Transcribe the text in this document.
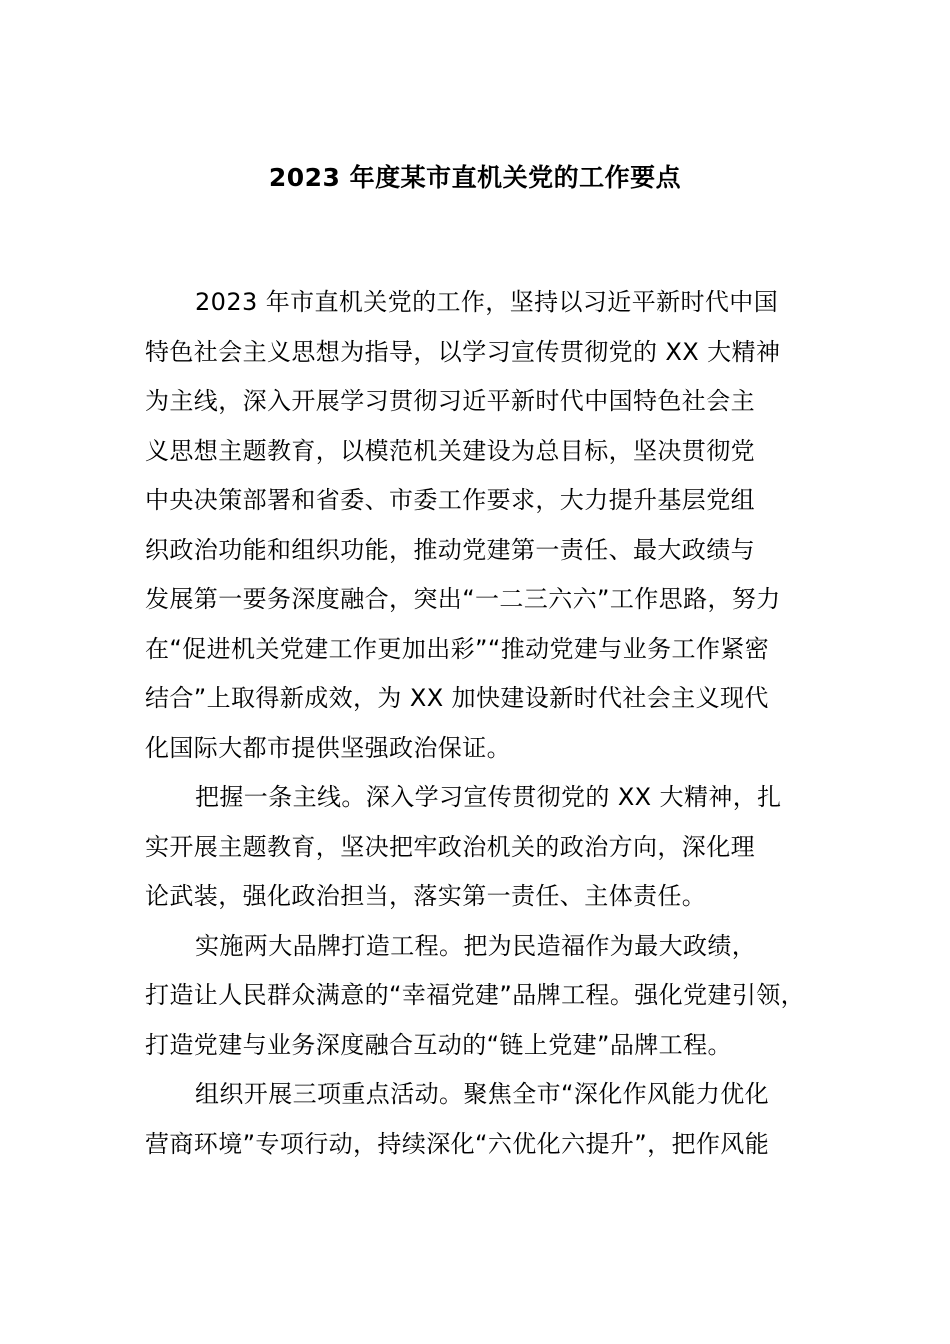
2023 年度某市直机关党的工作要点
2023 年市直机关党的工作，坚持以习近平新时代中国
特色社会主义思想为指导，以学习宣传贯彻党的 XX 大精神
为主线，深入开展学习贯彻习近平新时代中国特色社会主
义思想主题教育，以模范机关建设为总目标，坚决贯彻党
中央决策部署和省委、市委工作要求，大力提升基层党组
织政治功能和组织功能，推动党建第一责任、最大政绩与
发展第一要务深度融合，突出“一二三六六”工作思路，努力
在“促进机关党建工作更加出彩”“推动党建与业务工作紧密
结合”上取得新成效，为 XX 加快建设新时代社会主义现代
化国际大都市提供坚强政治保证。
把握一条主线。深入学习宣传贯彻党的 XX 大精神，扎
实开展主题教育，坚决把牢政治机关的政治方向，深化理
论武装，强化政治担当，落实第一责任、主体责任。
实施两大品牌打造工程。把为民造福作为最大政绩，
打造让人民群众满意的“幸福党建”品牌工程。强化党建引领，
打造党建与业务深度融合互动的“链上党建”品牌工程。
组织开展三项重点活动。聚焦全市“深化作风能力优化
营商环境”专项行动，持续深化“六优化六提升”，把作风能
